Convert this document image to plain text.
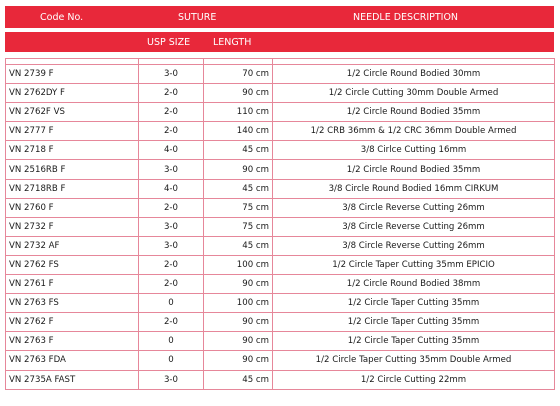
Code No.	SUTURE	NEEDLE DESCRIPTION
USP SIZE LENGTH

VN 2739 F	3-0	70 cm	1/2 Circle Round Bodied 30mm
VN 2762DY F	2-0	90 cm	1/2 Circle Cutting 30mm Double Armed
VN 2762F VS	2-0	110 cm	1/2 Circle Round Bodied 35mm
VN 2777 F	2-0	140 cm	1/2 CRB 36mm & 1/2 CRC 36mm Double Armed
VN 2718 F	4-0	45 cm	3/8 Cirlce Cutting 16mm
VN 2516RB F	3-0	90 cm	1/2 Circle Round Bodied 35mm
VN 2718RB F	4-0	45 cm	3/8 Circle Round Bodied 16mm CIRKUM
VN 2760 F	2-0	75 cm	3/8 Circle Reverse Cutting 26mm
VN 2732 F	3-0	75 cm	3/8 Circle Reverse Cutting 26mm
VN 2732 AF	3-0	45 cm	3/8 Circle Reverse Cutting 26mm
VN 2762 FS	2-0	100 cm	1/2 Circle Taper Cutting 35mm EPICIO
VN 2761 F	2-0	90 cm	1/2 Circle Round Bodied 38mm
VN 2763 FS	0	100 cm	1/2 Circle Taper Cutting 35mm
VN 2762 F	2-0	90 cm	1/2 Circle Taper Cutting 35mm
VN 2763 F	0	90 cm	1/2 Circle Taper Cutting 35mm
VN 2763 FDA	0	90 cm	1/2 Circle Taper Cutting 35mm Double Armed
VN 2735A FAST	3-0	45 cm	1/2 Circle Cutting 22mm
